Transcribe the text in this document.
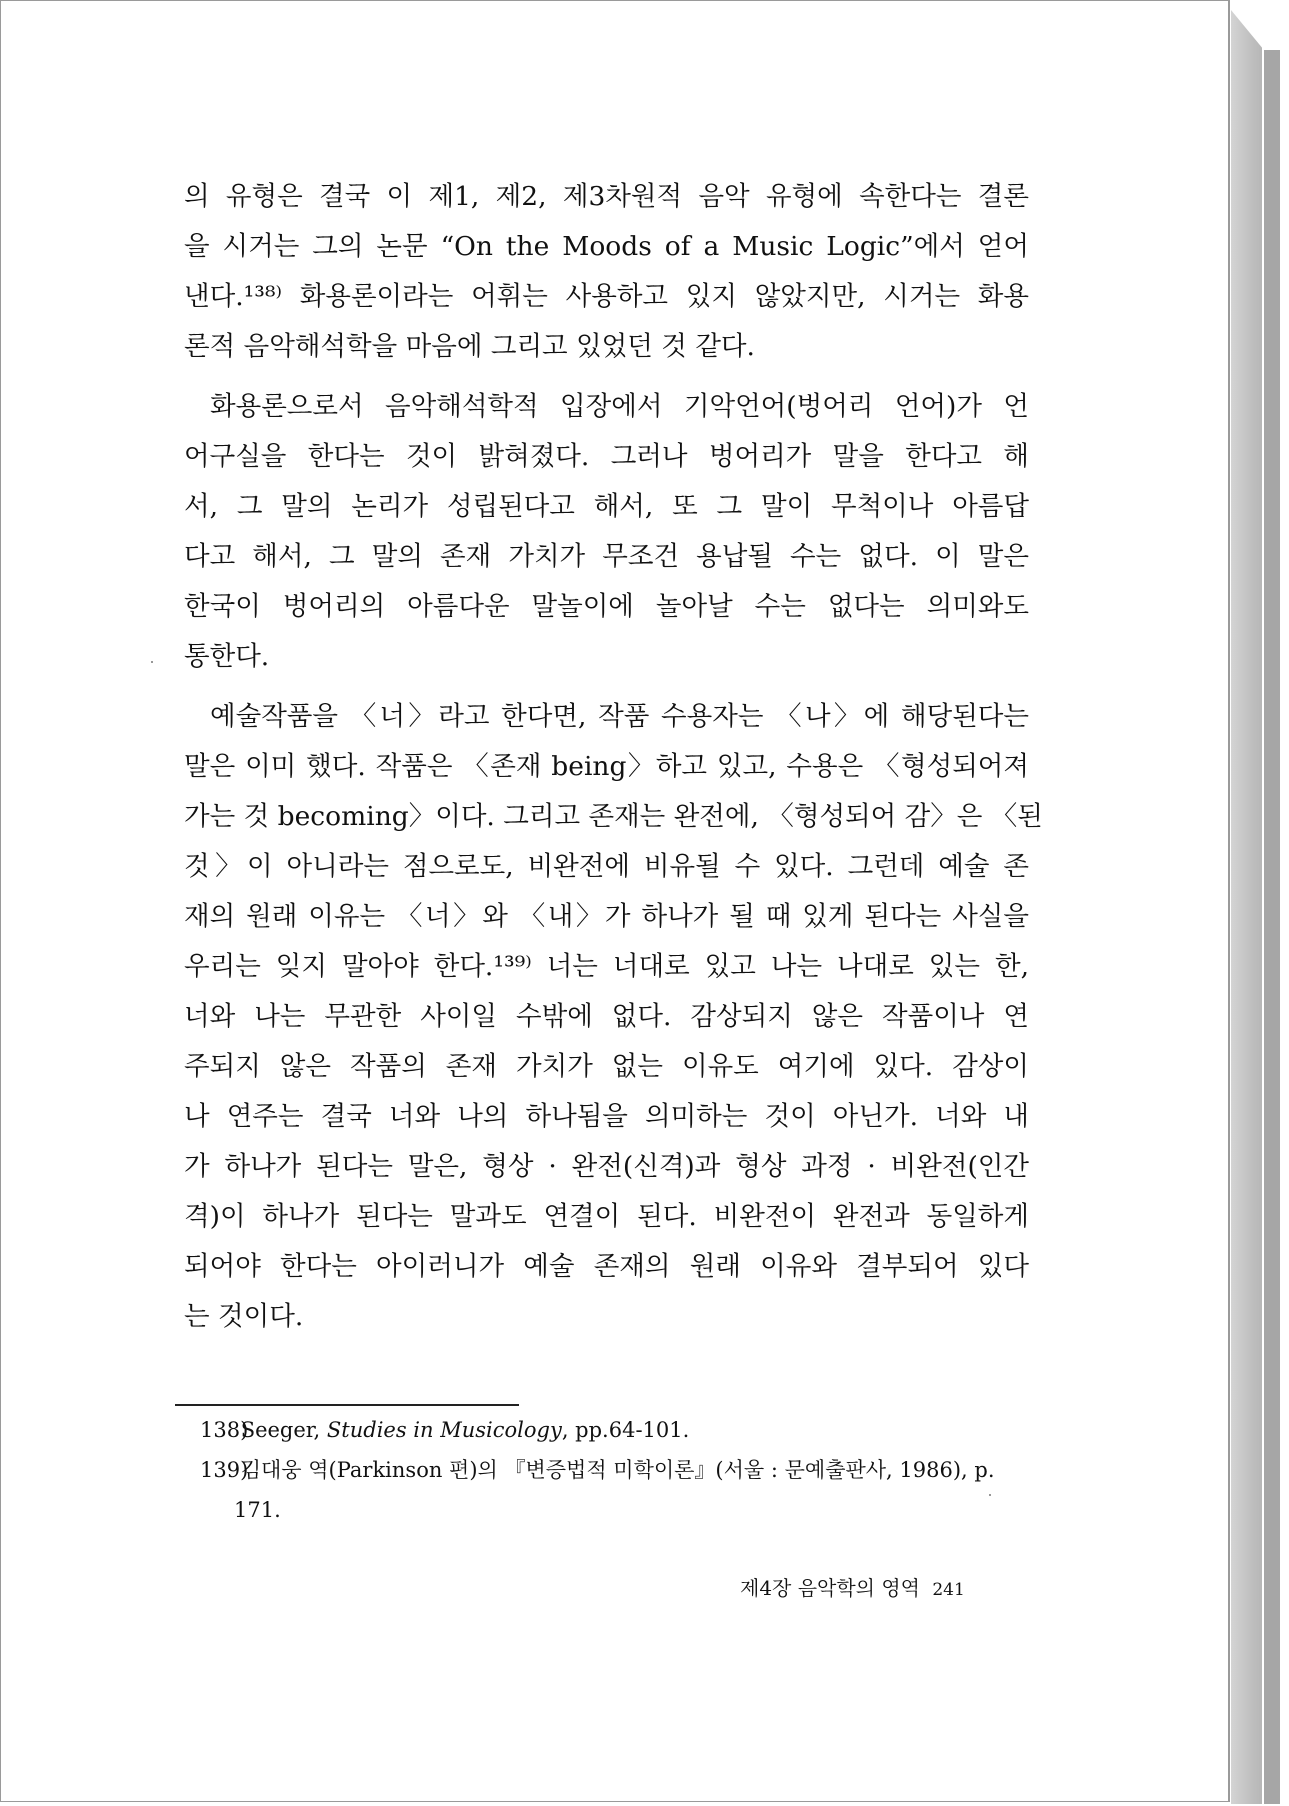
의 유형은 결국 이 제1, 제2, 제3차원적 음악 유형에 속한다는 결론
을 시거는 그의 논문 “On the Moods of a Music Logic”에서 얻어
낸다.¹³⁸⁾ 화용론이라는 어휘는 사용하고 있지 않았지만, 시거는 화용
론적 음악해석학을 마음에 그리고 있었던 것 같다.
화용론으로서 음악해석학적 입장에서 기악언어(벙어리 언어)가 언
어구실을 한다는 것이 밝혀졌다. 그러나 벙어리가 말을 한다고 해
서, 그 말의 논리가 성립된다고 해서, 또 그 말이 무척이나 아름답
다고 해서, 그 말의 존재 가치가 무조건 용납될 수는 없다. 이 말은
한국이 벙어리의 아름다운 말놀이에 놀아날 수는 없다는 의미와도
통한다.
예술작품을 〈너〉라고 한다면, 작품 수용자는 〈나〉에 해당된다는
말은 이미 했다. 작품은 〈존재 being〉하고 있고, 수용은 〈형성되어져
가는 것 becoming〉이다. 그리고 존재는 완전에, 〈형성되어 감〉은 〈된
것〉이 아니라는 점으로도, 비완전에 비유될 수 있다. 그런데 예술 존
재의 원래 이유는 〈너〉와 〈내〉가 하나가 될 때 있게 된다는 사실을
우리는 잊지 말아야 한다.¹³⁹⁾ 너는 너대로 있고 나는 나대로 있는 한,
너와 나는 무관한 사이일 수밖에 없다. 감상되지 않은 작품이나 연
주되지 않은 작품의 존재 가치가 없는 이유도 여기에 있다. 감상이
나 연주는 결국 너와 나의 하나됨을 의미하는 것이 아닌가. 너와 내
가 하나가 된다는 말은, 형상 · 완전(신격)과 형상 과정 · 비완전(인간
격)이 하나가 된다는 말과도 연결이 된다. 비완전이 완전과 동일하게
되어야 한다는 아이러니가 예술 존재의 원래 이유와 결부되어 있다
는 것이다.
138) Seeger, Studies in Musicology, pp.64-101.
139) 김대웅 역(Parkinson 편)의 『변증법적 미학이론』(서울 : 문예출판사, 1986), p.
171.
제4장 음악학의 영역 241
